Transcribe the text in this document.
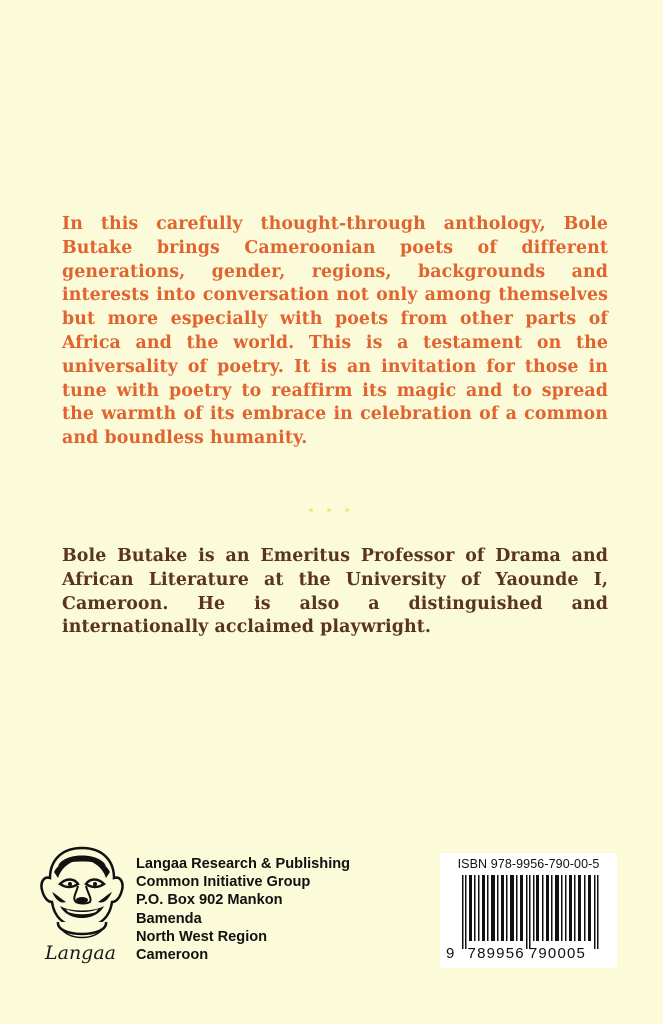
In this carefully thought-through anthology, Bole Butake brings Cameroonian poets of different generations, gender, regions, backgrounds and interests into conversation not only among themselves but more especially with poets from other parts of Africa and the world. This is a testament on the universality of poetry. It is an invitation for those in tune with poetry to reaffirm its magic and to spread the warmth of its embrace in celebration of a common and boundless humanity.
* * *
Bole Butake is an Emeritus Professor of Drama and African Literature at the University of Yaounde I, Cameroon. He is also a distinguished and internationally acclaimed playwright.
Langaa
Langaa Research & Publishing
Common Initiative Group
P.O. Box 902 Mankon
Bamenda
North West Region
Cameroon
ISBN 978-9956-790-00-5
9 789956 790005
